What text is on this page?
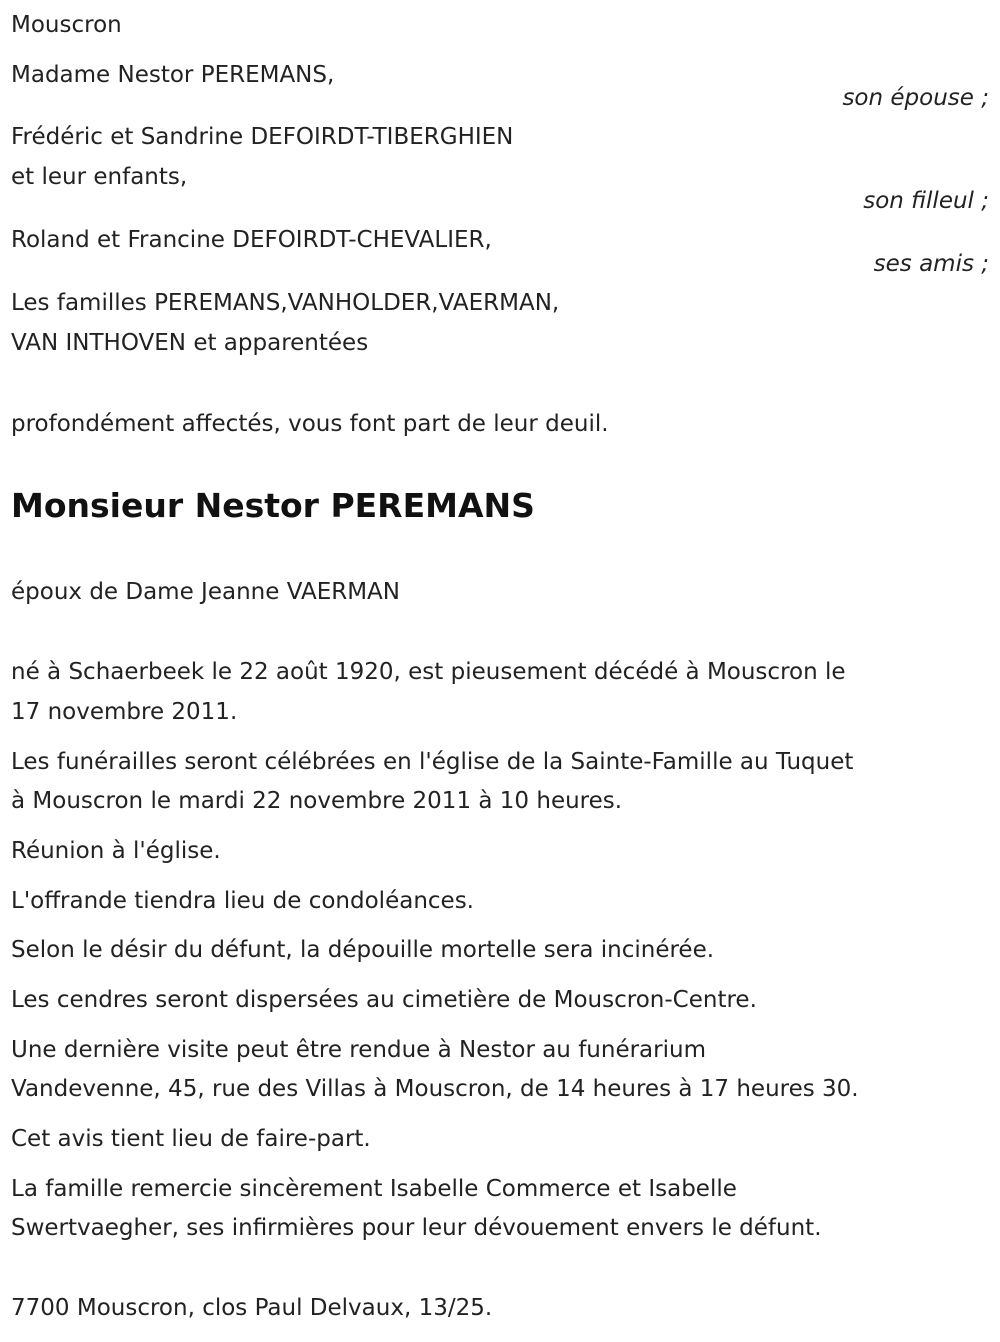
Mouscron
Madame Nestor PEREMANS,
son épouse ;
Frédéric et Sandrine DEFOIRDT-TIBERGHIEN
et leur enfants,
son filleul ;
Roland et Francine DEFOIRDT-CHEVALIER,
ses amis ;
Les familles PEREMANS,VANHOLDER,VAERMAN,
VAN INTHOVEN et apparentées
profondément affectés, vous font part de leur deuil.
Monsieur Nestor PEREMANS
époux de Dame Jeanne VAERMAN
né à Schaerbeek le 22 août 1920, est pieusement décédé à Mouscron le
17 novembre 2011.
Les funérailles seront célébrées en l'église de la Sainte-Famille au Tuquet
à Mouscron le mardi 22 novembre 2011 à 10 heures.
Réunion à l'église.
L'offrande tiendra lieu de condoléances.
Selon le désir du défunt, la dépouille mortelle sera incinérée.
Les cendres seront dispersées au cimetière de Mouscron-Centre.
Une dernière visite peut être rendue à Nestor au funérarium
Vandevenne, 45, rue des Villas à Mouscron, de 14 heures à 17 heures 30.
Cet avis tient lieu de faire-part.
La famille remercie sincèrement Isabelle Commerce et Isabelle
Swertvaegher, ses infirmières pour leur dévouement envers le défunt.
7700 Mouscron, clos Paul Delvaux, 13/25.
